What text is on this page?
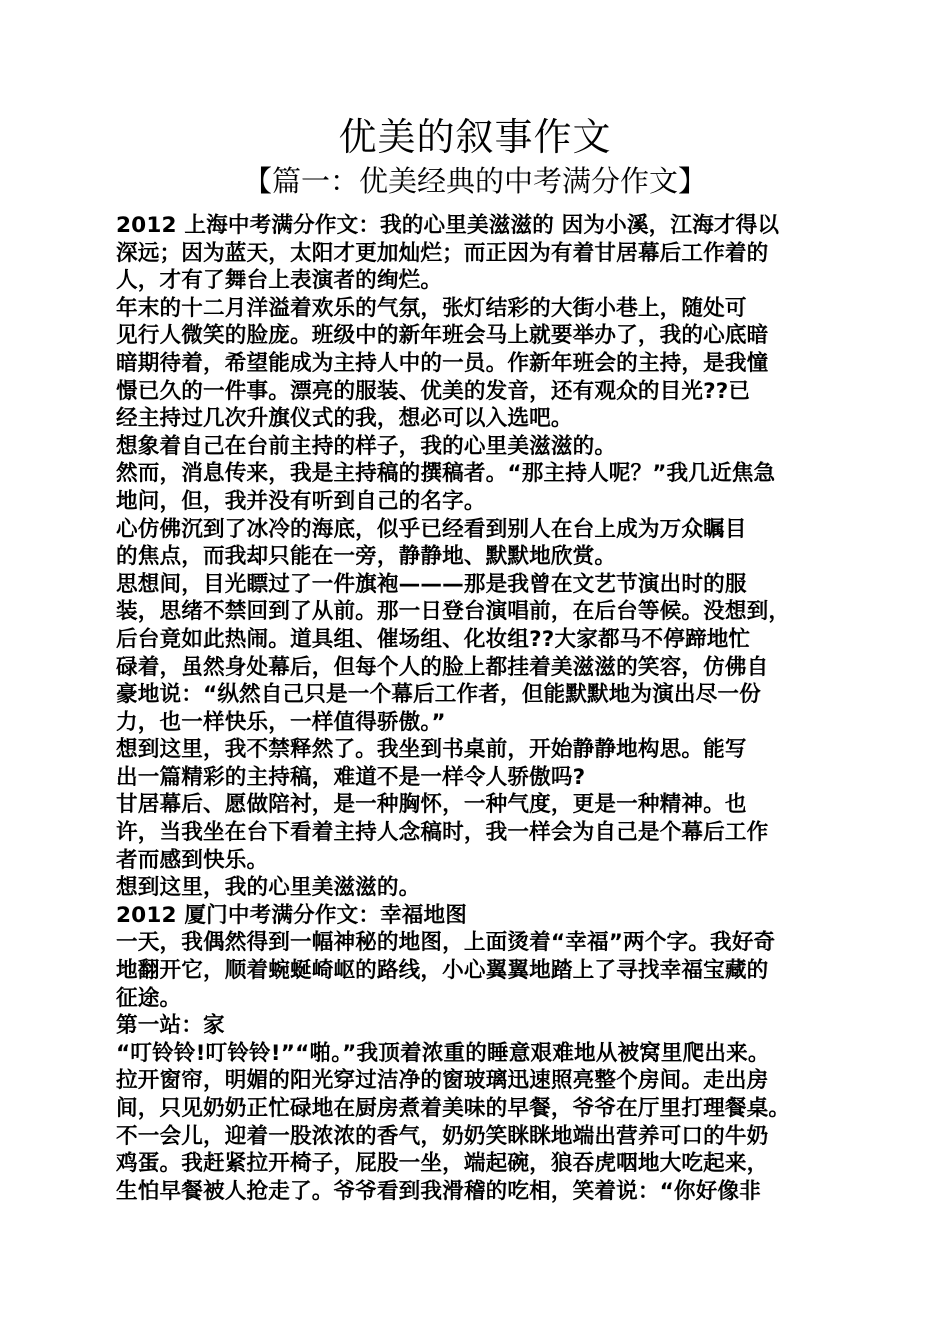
优美的叙事作文
【篇一：优美经典的中考满分作文】
2012 上海中考满分作文：我的心里美滋滋的 因为小溪，江海才得以
深远；因为蓝天，太阳才更加灿烂；而正因为有着甘居幕后工作着的
人，才有了舞台上表演者的绚烂。
年末的十二月洋溢着欢乐的气氛，张灯结彩的大街小巷上，随处可
见行人微笑的脸庞。班级中的新年班会马上就要举办了，我的心底暗
暗期待着，希望能成为主持人中的一员。作新年班会的主持，是我憧
憬已久的一件事。漂亮的服装、优美的发音，还有观众的目光??已
经主持过几次升旗仪式的我，想必可以入选吧。
想象着自己在台前主持的样子，我的心里美滋滋的。
然而，消息传来，我是主持稿的撰稿者。“那主持人呢？”我几近焦急
地问，但，我并没有听到自己的名字。
心仿佛沉到了冰冷的海底，似乎已经看到别人在台上成为万众瞩目
的焦点，而我却只能在一旁，静静地、默默地欣赏。
思想间，目光瞟过了一件旗袍———那是我曾在文艺节演出时的服
装，思绪不禁回到了从前。那一日登台演唱前，在后台等候。没想到，
后台竟如此热闹。道具组、催场组、化妆组??大家都马不停蹄地忙
碌着，虽然身处幕后，但每个人的脸上都挂着美滋滋的笑容，仿佛自
豪地说：“纵然自己只是一个幕后工作者，但能默默地为演出尽一份
力，也一样快乐，一样值得骄傲。”
想到这里，我不禁释然了。我坐到书桌前，开始静静地构思。能写
出一篇精彩的主持稿，难道不是一样令人骄傲吗?
甘居幕后、愿做陪衬，是一种胸怀，一种气度，更是一种精神。也
许，当我坐在台下看着主持人念稿时，我一样会为自己是个幕后工作
者而感到快乐。
想到这里，我的心里美滋滋的。
2012 厦门中考满分作文：幸福地图
一天，我偶然得到一幅神秘的地图，上面烫着“幸福”两个字。我好奇
地翻开它，顺着蜿蜒崎岖的路线，小心翼翼地踏上了寻找幸福宝藏的
征途。
第一站：家
“叮铃铃!叮铃铃!”“啪。”我顶着浓重的睡意艰难地从被窝里爬出来。
拉开窗帘，明媚的阳光穿过洁净的窗玻璃迅速照亮整个房间。走出房
间，只见奶奶正忙碌地在厨房煮着美味的早餐，爷爷在厅里打理餐桌。
不一会儿，迎着一股浓浓的香气，奶奶笑眯眯地端出营养可口的牛奶
鸡蛋。我赶紧拉开椅子，屁股一坐，端起碗，狼吞虎咽地大吃起来，
生怕早餐被人抢走了。爷爷看到我滑稽的吃相，笑着说：“你好像非
